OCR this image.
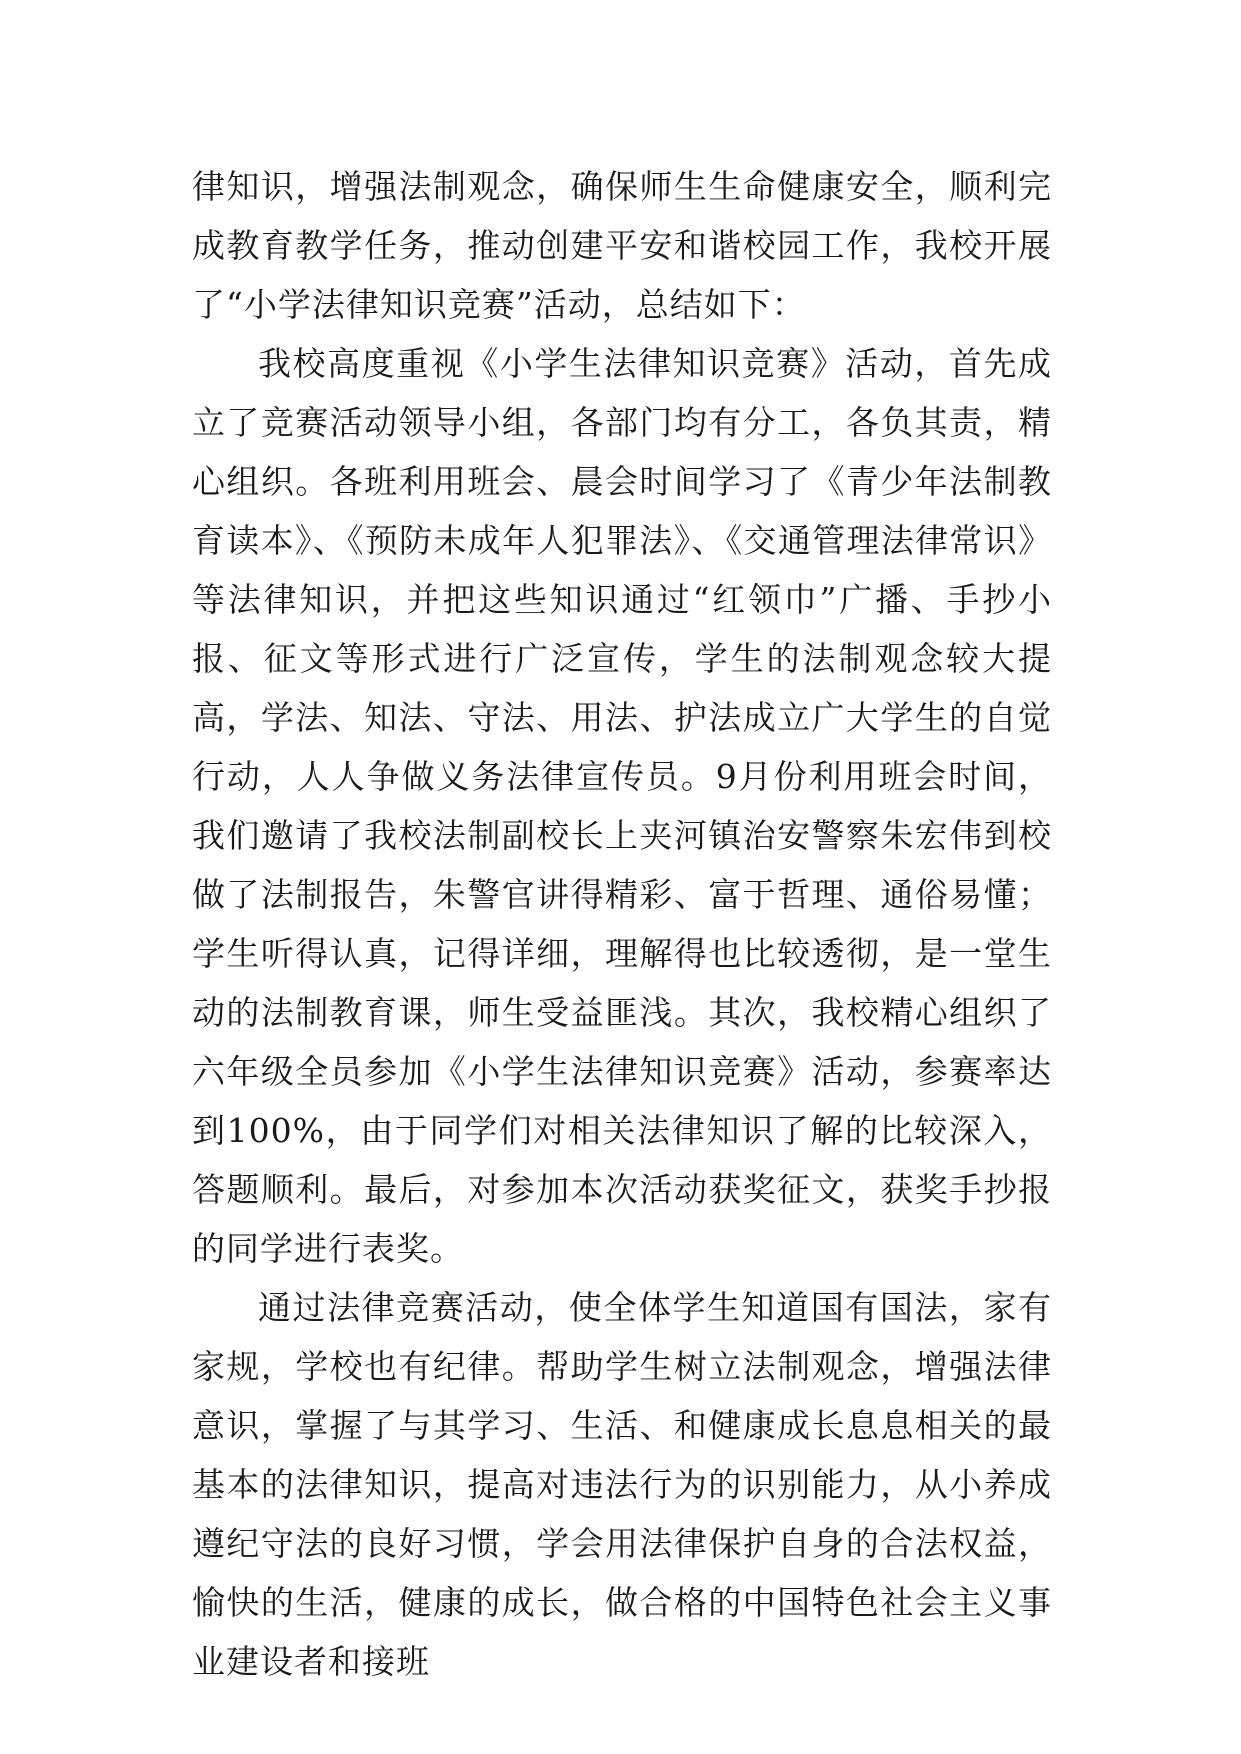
律知识，增强法制观念，确保师生生命健康安全，顺利完成教育教学任务，推动创建平安和谐校园工作，我校开展了“小学法律知识竞赛”活动，总结如下：

我校高度重视《小学生法律知识竞赛》活动，首先成立了竞赛活动领导小组，各部门均有分工，各负其责，精心组织。各班利用班会、晨会时间学习了《青少年法制教育读本》、《预防未成年人犯罪法》、《交通管理法律常识》等法律知识，并把这些知识通过“红领巾”广播、手抄小报、征文等形式进行广泛宣传，学生的法制观念较大提高，学法、知法、守法、用法、护法成立广大学生的自觉行动，人人争做义务法律宣传员。9月份利用班会时间，我们邀请了我校法制副校长上夹河镇治安警察朱宏伟到校做了法制报告，朱警官讲得精彩、富于哲理、通俗易懂；学生听得认真，记得详细，理解得也比较透彻，是一堂生动的法制教育课，师生受益匪浅。其次，我校精心组织了六年级全员参加《小学生法律知识竞赛》活动，参赛率达到100%，由于同学们对相关法律知识了解的比较深入，答题顺利。最后，对参加本次活动获奖征文，获奖手抄报的同学进行表奖。

通过法律竞赛活动，使全体学生知道国有国法，家有家规，学校也有纪律。帮助学生树立法制观念，增强法律意识，掌握了与其学习、生活、和健康成长息息相关的最基本的法律知识，提高对违法行为的识别能力，从小养成遵纪守法的良好习惯，学会用法律保护自身的合法权益，愉快的生活，健康的成长，做合格的中国特色社会主义事业建设者和接班
